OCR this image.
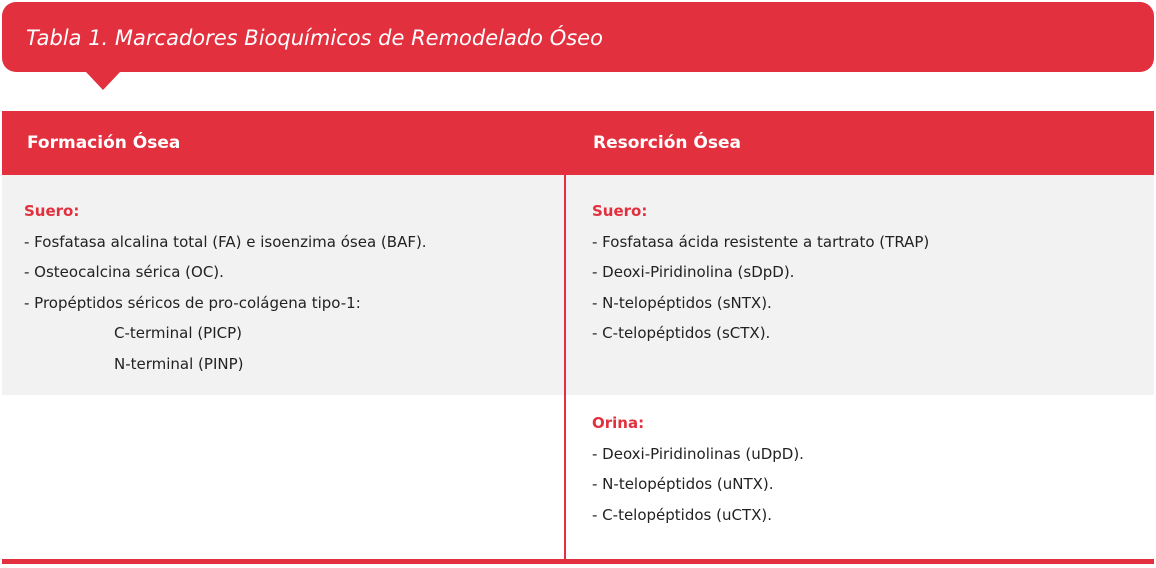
Tabla 1. Marcadores Bioquímicos de Remodelado Óseo
Formación Ósea	Resorción Ósea
Suero:
- Fosfatasa alcalina total (FA) e isoenzima ósea (BAF).
- Osteocalcina sérica (OC).
- Propéptidos séricos de pro-colágena tipo-1:
C-terminal (PICP)
N-terminal (PINP)
Suero:
- Fosfatasa ácida resistente a tartrato (TRAP)
- Deoxi-Piridinolina (sDpD).
- N-telopéptidos (sNTX).
- C-telopéptidos (sCTX).
Orina:
- Deoxi-Piridinolinas (uDpD).
- N-telopéptidos (uNTX).
- C-telopéptidos (uCTX).
